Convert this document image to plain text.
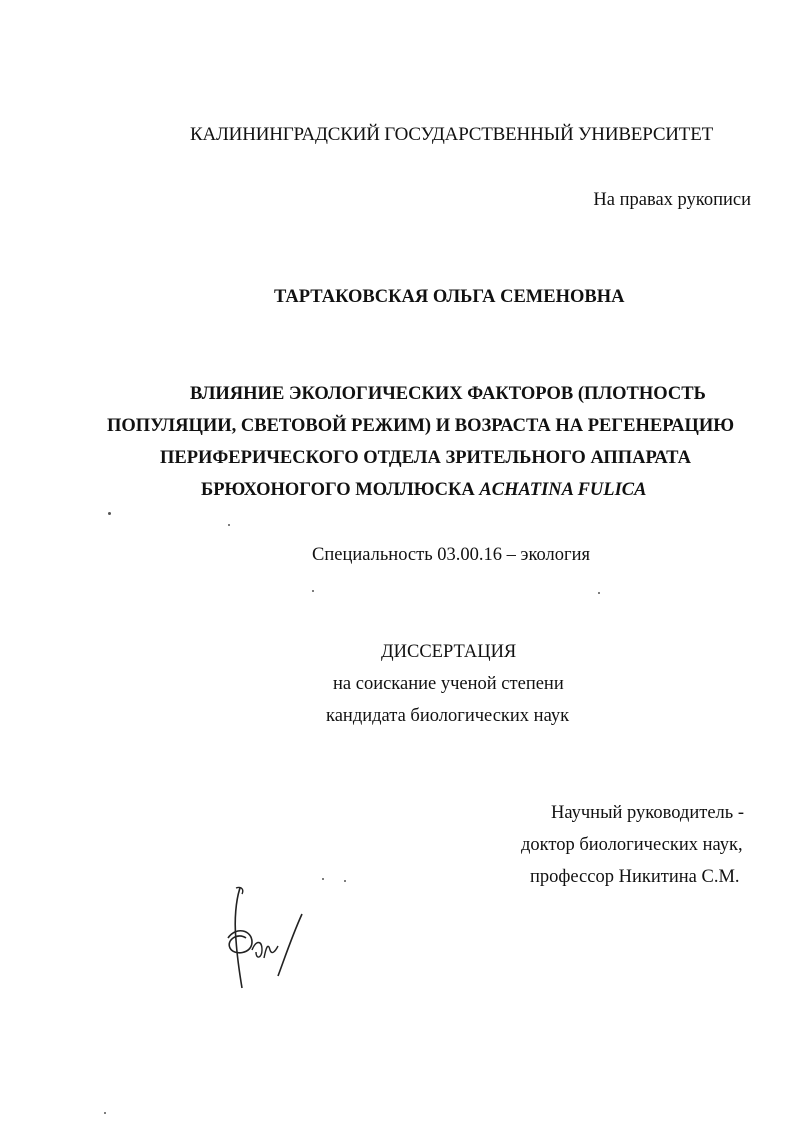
КАЛИНИНГРАДСКИЙ ГОСУДАРСТВЕННЫЙ УНИВЕРСИТЕТ
На правах рукописи
ТАРТАКОВСКАЯ ОЛЬГА СЕМЕНОВНА
ВЛИЯНИЕ ЭКОЛОГИЧЕСКИХ ФАКТОРОВ (ПЛОТНОСТЬ
ПОПУЛЯЦИИ, СВЕТОВОЙ РЕЖИМ) И ВОЗРАСТА НА РЕГЕНЕРАЦИЮ
ПЕРИФЕРИЧЕСКОГО ОТДЕЛА ЗРИТЕЛЬНОГО АППАРАТА
БРЮХОНОГОГО МОЛЛЮСКА ACHATINA FULICA
Специальность 03.00.16 – экология
ДИССЕРТАЦИЯ
на соискание ученой степени
кандидата биологических наук
Научный руководитель -
доктор биологических наук,
профессор Никитина С.М.
